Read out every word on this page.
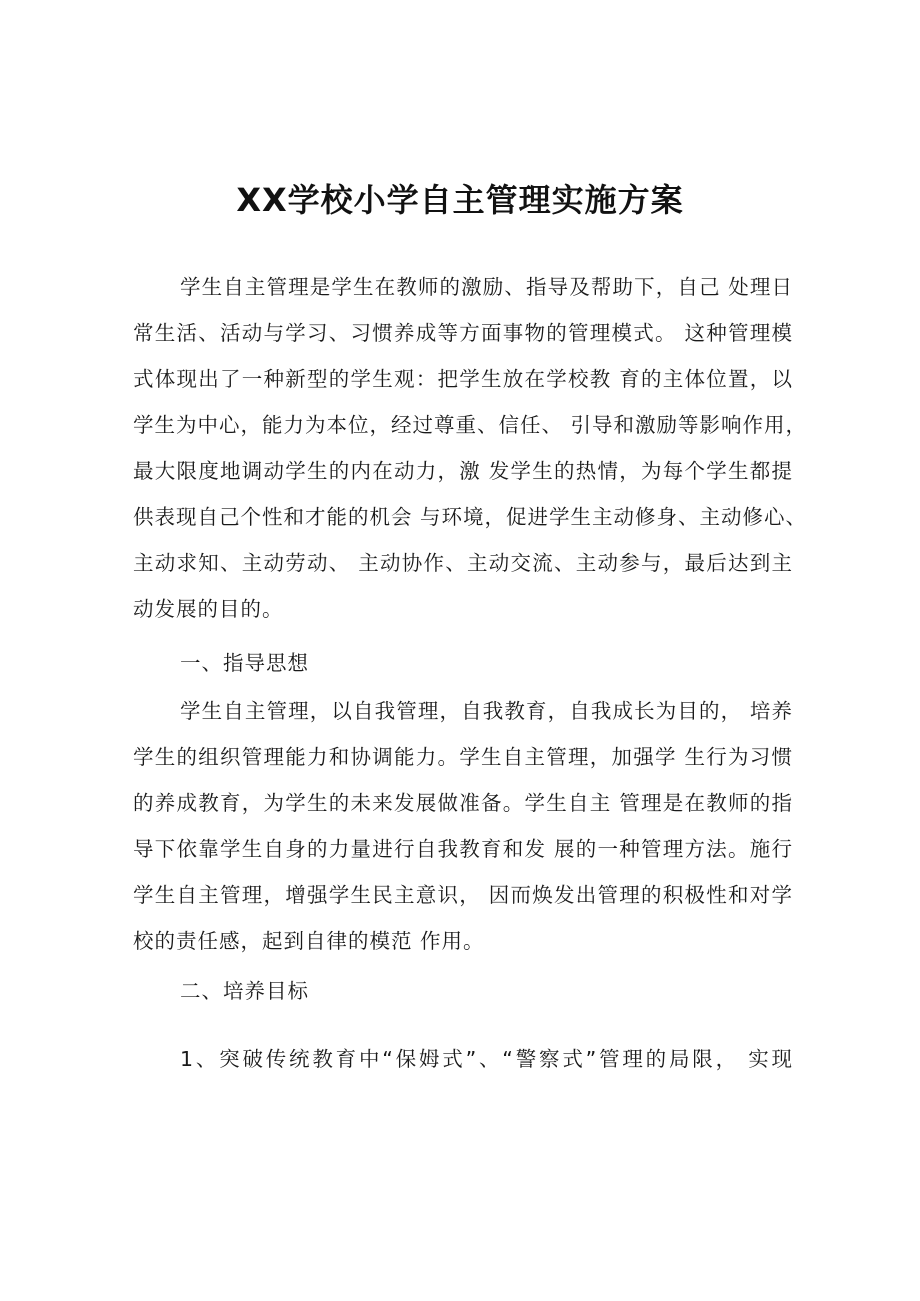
XX学校小学自主管理实施方案
学生自主管理是学生在教师的激励、指导及帮助下，自己 处理日
常生活、活动与学习、习惯养成等方面事物的管理模式。 这种管理模
式体现出了一种新型的学生观：把学生放在学校教 育的主体位置，以
学生为中心，能力为本位，经过尊重、信任、 引导和激励等影响作用，
最大限度地调动学生的内在动力，激 发学生的热情，为每个学生都提
供表现自己个性和才能的机会 与环境，促进学生主动修身、主动修心、
主动求知、主动劳动、 主动协作、主动交流、主动参与，最后达到主
动发展的目的。
一、指导思想
学生自主管理，以自我管理，自我教育，自我成长为目的， 培养
学生的组织管理能力和协调能力。学生自主管理，加强学 生行为习惯
的养成教育，为学生的未来发展做准备。学生自主 管理是在教师的指
导下依靠学生自身的力量进行自我教育和发 展的一种管理方法。施行
学生自主管理，增强学生民主意识， 因而焕发出管理的积极性和对学
校的责任感，起到自律的模范 作用。
二、培养目标
1、突破传统教育中“保姆式”、“警察式”管理的局限， 实现
